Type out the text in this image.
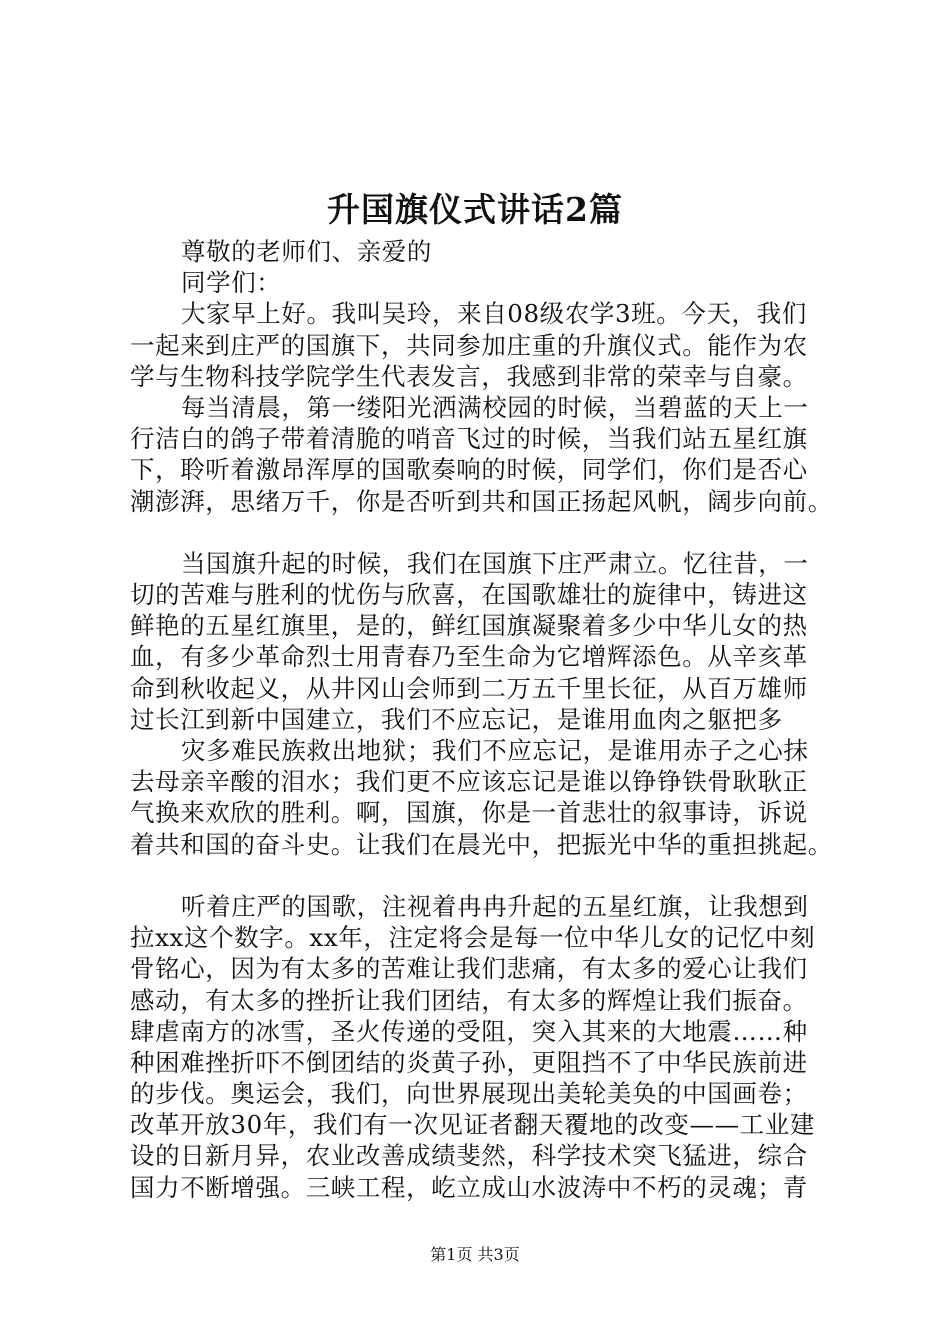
升国旗仪式讲话2篇
尊敬的老师们、亲爱的
同学们：
大家早上好。我叫吴玲，来自08级农学3班。今天，我们
一起来到庄严的国旗下，共同参加庄重的升旗仪式。能作为农
学与生物科技学院学生代表发言，我感到非常的荣幸与自豪。
每当清晨，第一缕阳光洒满校园的时候，当碧蓝的天上一
行洁白的鸽子带着清脆的哨音飞过的时候，当我们站五星红旗
下，聆听着激昂浑厚的国歌奏响的时候，同学们，你们是否心
潮澎湃，思绪万千，你是否听到共和国正扬起风帆，阔步向前。
当国旗升起的时候，我们在国旗下庄严肃立。忆往昔，一
切的苦难与胜利的忧伤与欣喜，在国歌雄壮的旋律中，铸进这
鲜艳的五星红旗里，是的，鲜红国旗凝聚着多少中华儿女的热
血，有多少革命烈士用青春乃至生命为它增辉添色。从辛亥革
命到秋收起义，从井冈山会师到二万五千里长征，从百万雄师
过长江到新中国建立，我们不应忘记，是谁用血肉之躯把多
灾多难民族救出地狱；我们不应忘记，是谁用赤子之心抹
去母亲辛酸的泪水；我们更不应该忘记是谁以铮铮铁骨耿耿正
气换来欢欣的胜利。啊，国旗，你是一首悲壮的叙事诗，诉说
着共和国的奋斗史。让我们在晨光中，把振光中华的重担挑起。
听着庄严的国歌，注视着冉冉升起的五星红旗，让我想到
拉xx这个数字。xx年，注定将会是每一位中华儿女的记忆中刻
骨铭心，因为有太多的苦难让我们悲痛，有太多的爱心让我们
感动，有太多的挫折让我们团结，有太多的辉煌让我们振奋。
肆虐南方的冰雪，圣火传递的受阻，突入其来的大地震……种
种困难挫折吓不倒团结的炎黄子孙，更阻挡不了中华民族前进
的步伐。奥运会，我们，向世界展现出美轮美奂的中国画卷；
改革开放30年，我们有一次见证者翻天覆地的改变——工业建
设的日新月异，农业改善成绩斐然，科学技术突飞猛进，综合
国力不断增强。三峡工程，屹立成山水波涛中不朽的灵魂；青
第1页 共3页
